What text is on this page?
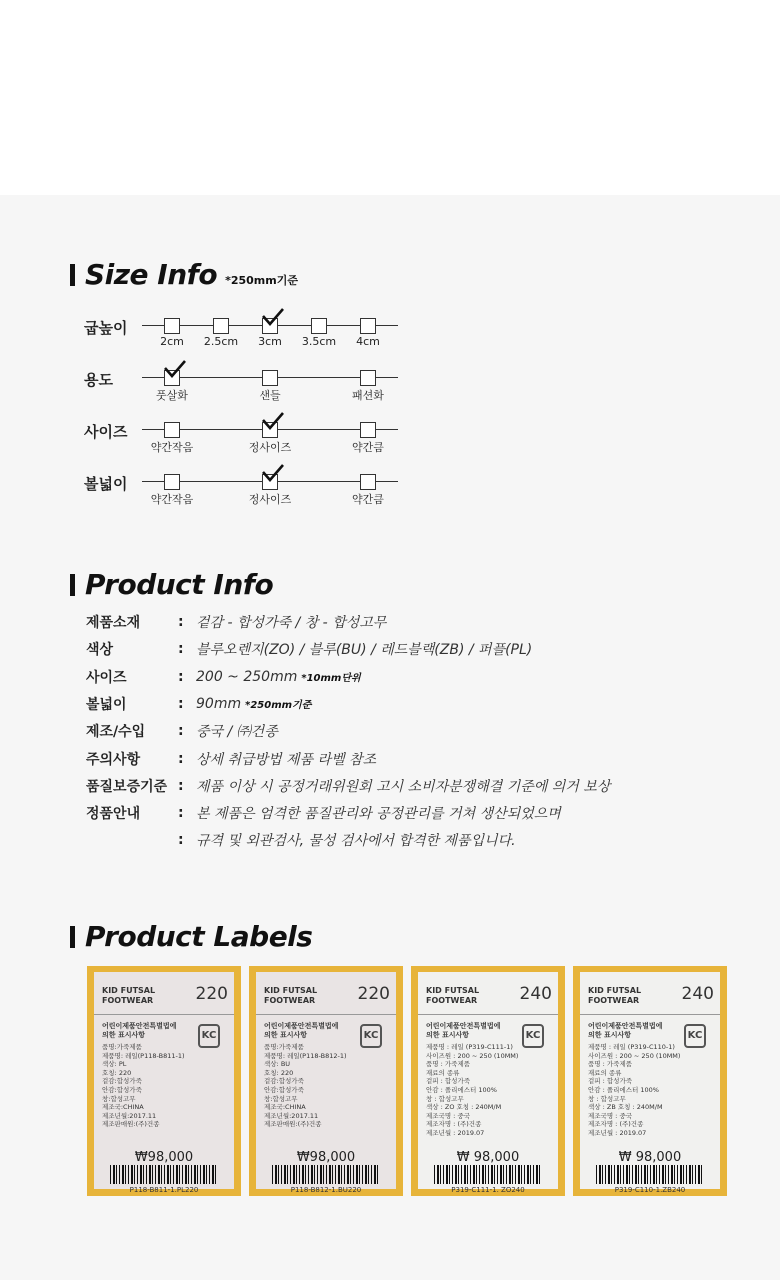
Size Info *250mm기준
굽높이
2cm	2.5cm	3cm	3.5cm	4cm
용도
풋살화	샌들	패션화
사이즈
약간작음	정사이즈	약간큼
볼넓이
약간작음	정사이즈	약간큼
Product Info
제품소재	: 겉감 - 합성가죽 / 창 - 합성고무
색상	: 블루오렌지(ZO) / 블루(BU) / 레드블랙(ZB) / 퍼플(PL)
사이즈	: 200 ~ 250mm *10mm단위
볼넓이	: 90mm *250mm기준
제조/수입	: 중국 / ㈜건종
주의사항	: 상세 취급방법 제품 라벨 참조
품질보증기준 : 제품 이상 시 공정거래위원회 고시 소비자분쟁해결 기준에 의거 보상
정품안내	: 본 제품은 엄격한 품질관리와 공정관리를 거쳐 생산되었으며
: 규격 및 외관검사, 물성 검사에서 합격한 제품입니다.
Product Labels
KID FUTSAL
FOOTWEAR 220
어린이제품안전특별법에
의한 표시사항	KC
품명:가죽제품
제품명: 레일(P118-B811-1)
색상: PL
호칭: 220
겉감:합성가죽
안감:합성가죽
창:합성고무
제조국:CHINA
제조년월:2017.11
제조판매원:(주)건종
₩98,000
P118-B811-1.PL220
KID FUTSAL
FOOTWEAR 220
어린이제품안전특별법에
의한 표시사항	KC
품명:가죽제품
제품명: 레일(P118-B812-1)
색상: BU
호칭: 220
겉감:합성가죽
안감:합성가죽
창:합성고무
제조국:CHINA
제조년월:2017.11
제조판매원:(주)건종
₩98,000
P118-B812-1.BU220
KID FUTSAL
FOOTWEAR 240
어린이제품안전특별법에
의한 표시사항	KC
제품명 : 레일 (P319-C111-1)
사이즈원 : 200 ~ 250 (10MM)
품명 : 가죽제품
재료의 종류
겉피 : 합성가죽
안감 : 폴리에스터 100%
창 : 합성고무
색상 : ZO 호칭 : 240M/M
제조국명 : 중국
제조자명 : (주)건종
제조년월 : 2019.07
₩ 98,000
P319-C111-1. ZO240
KID FUTSAL
FOOTWEAR 240
어린이제품안전특별법에
의한 표시사항	KC
제품명 : 레일 (P319-C110-1)
사이즈원 : 200 ~ 250 (10MM)
품명 : 가죽제품
재료의 종류
겉피 : 합성가죽
안감 : 폴리에스터 100%
창 : 합성고무
색상 : ZB 호칭 : 240M/M
제조국명 : 중국
제조자명 : (주)건종
제조년월 : 2019.07
₩ 98,000
P319-C110-1.ZB240
